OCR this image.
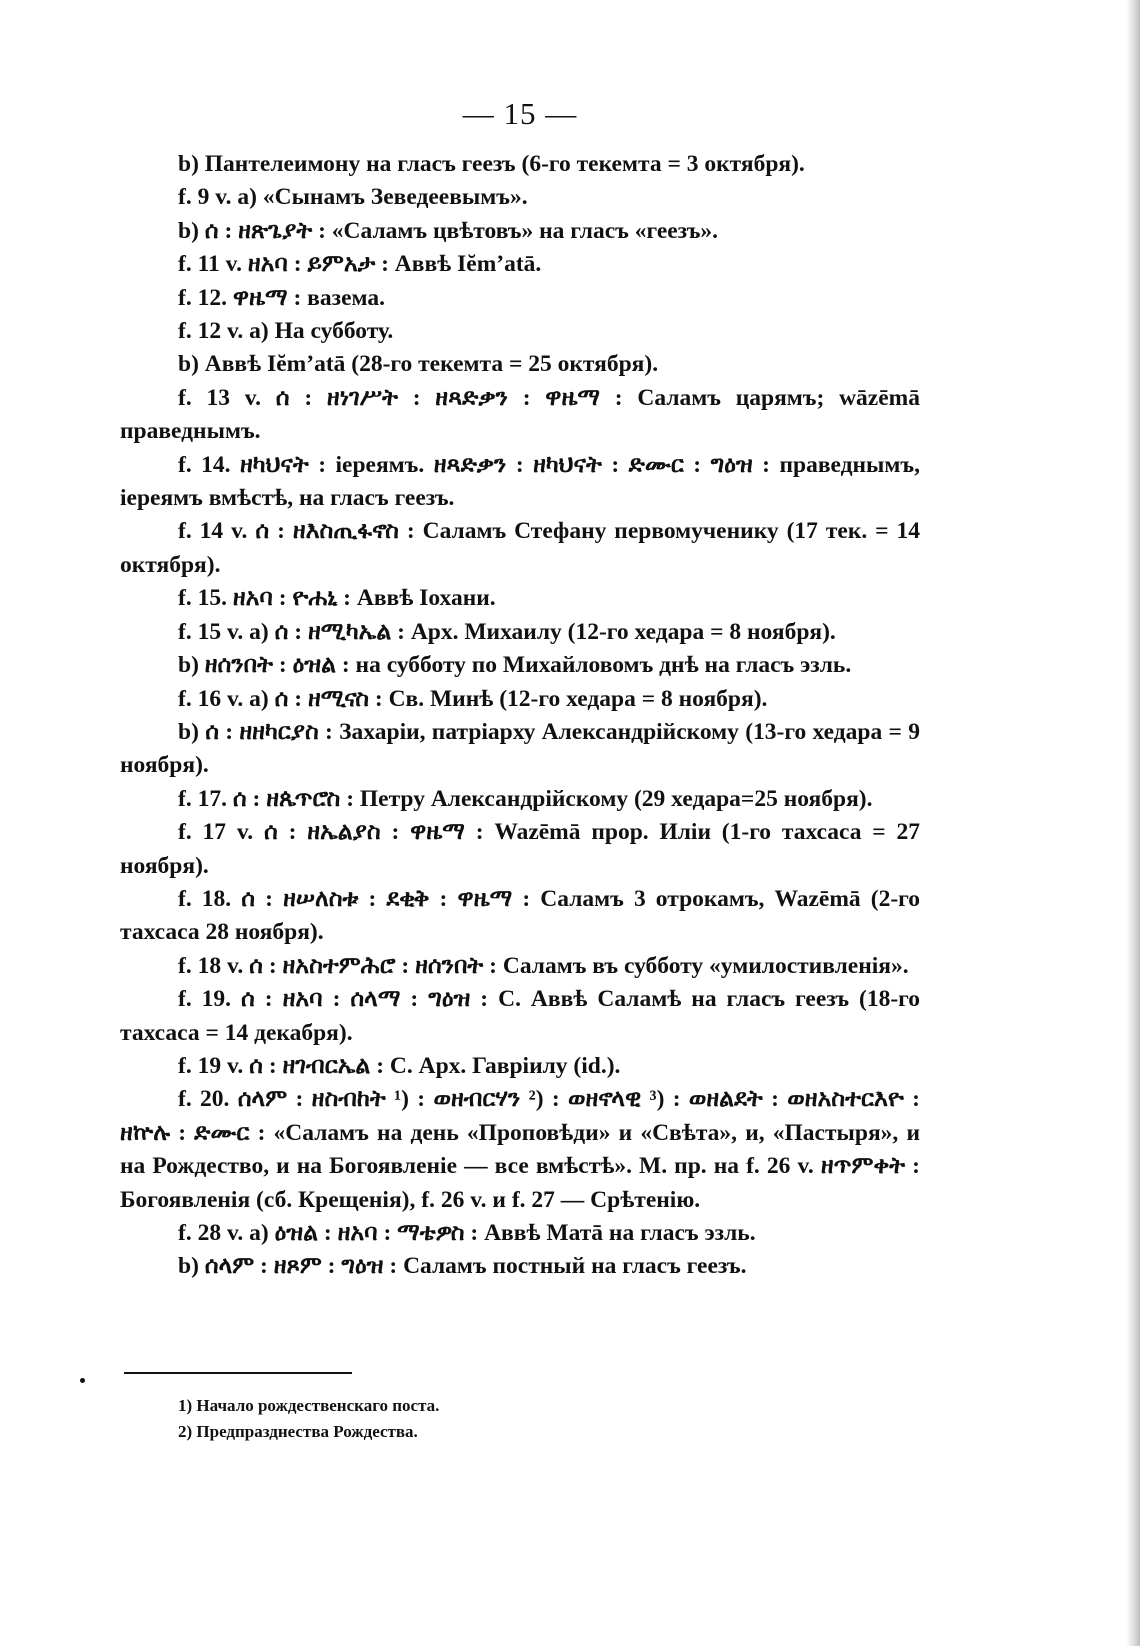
— 15 —

b) Пантелеимону на гласъ геезъ (6-го текемта = 3 октября).

f. 9 v. a) «Сынамъ Зеведеевымъ».

b) ሰ : ዘጽጌያት : «Саламъ цвѣтовъ» на гласъ «геезъ».

f. 11 v. ዘአባ : ይምአታ : Аввѣ Іĕm’atā.

f. 12. ዋዜማ : вазема.

f. 12 v. a) На субботу.

b) Аввѣ Іĕm’atā (28-го текемта = 25 октября).

f. 13 v. ሰ : ዘነገሥት : ዘጻድቃን : ዋዜማ : Саламъ царямъ; wāzēmā праведнымъ.

f. 14. ዘካህናት : іереямъ. ዘጻድቃን : ዘካህናት : ድሙር : ግዕዝ : праведнымъ, іереямъ вмѣстѣ, на гласъ геезъ.

f. 14 v. ሰ : ዘእስጢፋኖስ : Саламъ Стефану первомученику (17 тек. = 14 октября).

f. 15. ዘአባ : ዮሐኒ : Аввѣ Іохани.

f. 15 v. a) ሰ : ዘሚካኤል : Арх. Михаилу (12-го хедара = 8 ноября).

b) ዘሰንበት : ዕዝል : на субботу по Михайловомъ днѣ на гласъ эзль.

f. 16 v. a) ሰ : ዘሚናስ : Св. Минѣ (12-го хедара = 8 ноября).

b) ሰ : ዘዘካርያስ : Захаріи, патріарху Александрійскому (13-го хедара = 9 ноября).

f. 17. ሰ : ዘጴጥሮስ : Петру Александрійскому (29 хедара=25 ноября).

f. 17 v. ሰ : ዘኤልያስ : ዋዜማ : Wazēmā прор. Иліи (1-го тахсаса = 27 ноября).

f. 18. ሰ : ዘሠለስቱ : ደቂቅ : ዋዜማ : Саламъ 3 отрокамъ, Wazēmā (2-го тахсаса 28 ноября).

f. 18 v. ሰ : ዘአስተምሕሮ : ዘሰንበት : Саламъ въ субботу «умилостивленія».

f. 19. ሰ : ዘአባ : ሰላማ : ግዕዝ : С. Аввѣ Саламѣ на гласъ геезъ (18-го тахсаса = 14 декабря).

f. 19 v. ሰ : ዘገብርኤል : С. Арх. Гавріилу (id.).

f. 20. ሰላም : ዘስብከት ¹) : ወዘብርሃን ²) : ወዘኖላዊ ³) : ወዘልደት : ወዘአስተርእዮ : ዘኵሉ : ድሙር : «Саламъ на день «Проповѣди» и «Свѣта», и, «Пастыря», и на Рождество, и на Богоявленіе — все вмѣстѣ». М. пр. на f. 26 v. ዘጥምቀት : Богоявленія (сб. Крещенія), f. 26 v. и f. 27 — Срѣтенію.

f. 28 v. a) ዕዝል : ዘአባ : ማቴዎስ : Аввѣ Матā на гласъ эзль.

b) ሰላም : ዘጾም : ግዕዝ : Саламъ постный на гласъ геезъ.

1) Начало рождественскаго поста.
2) Предпразднества Рождества.
